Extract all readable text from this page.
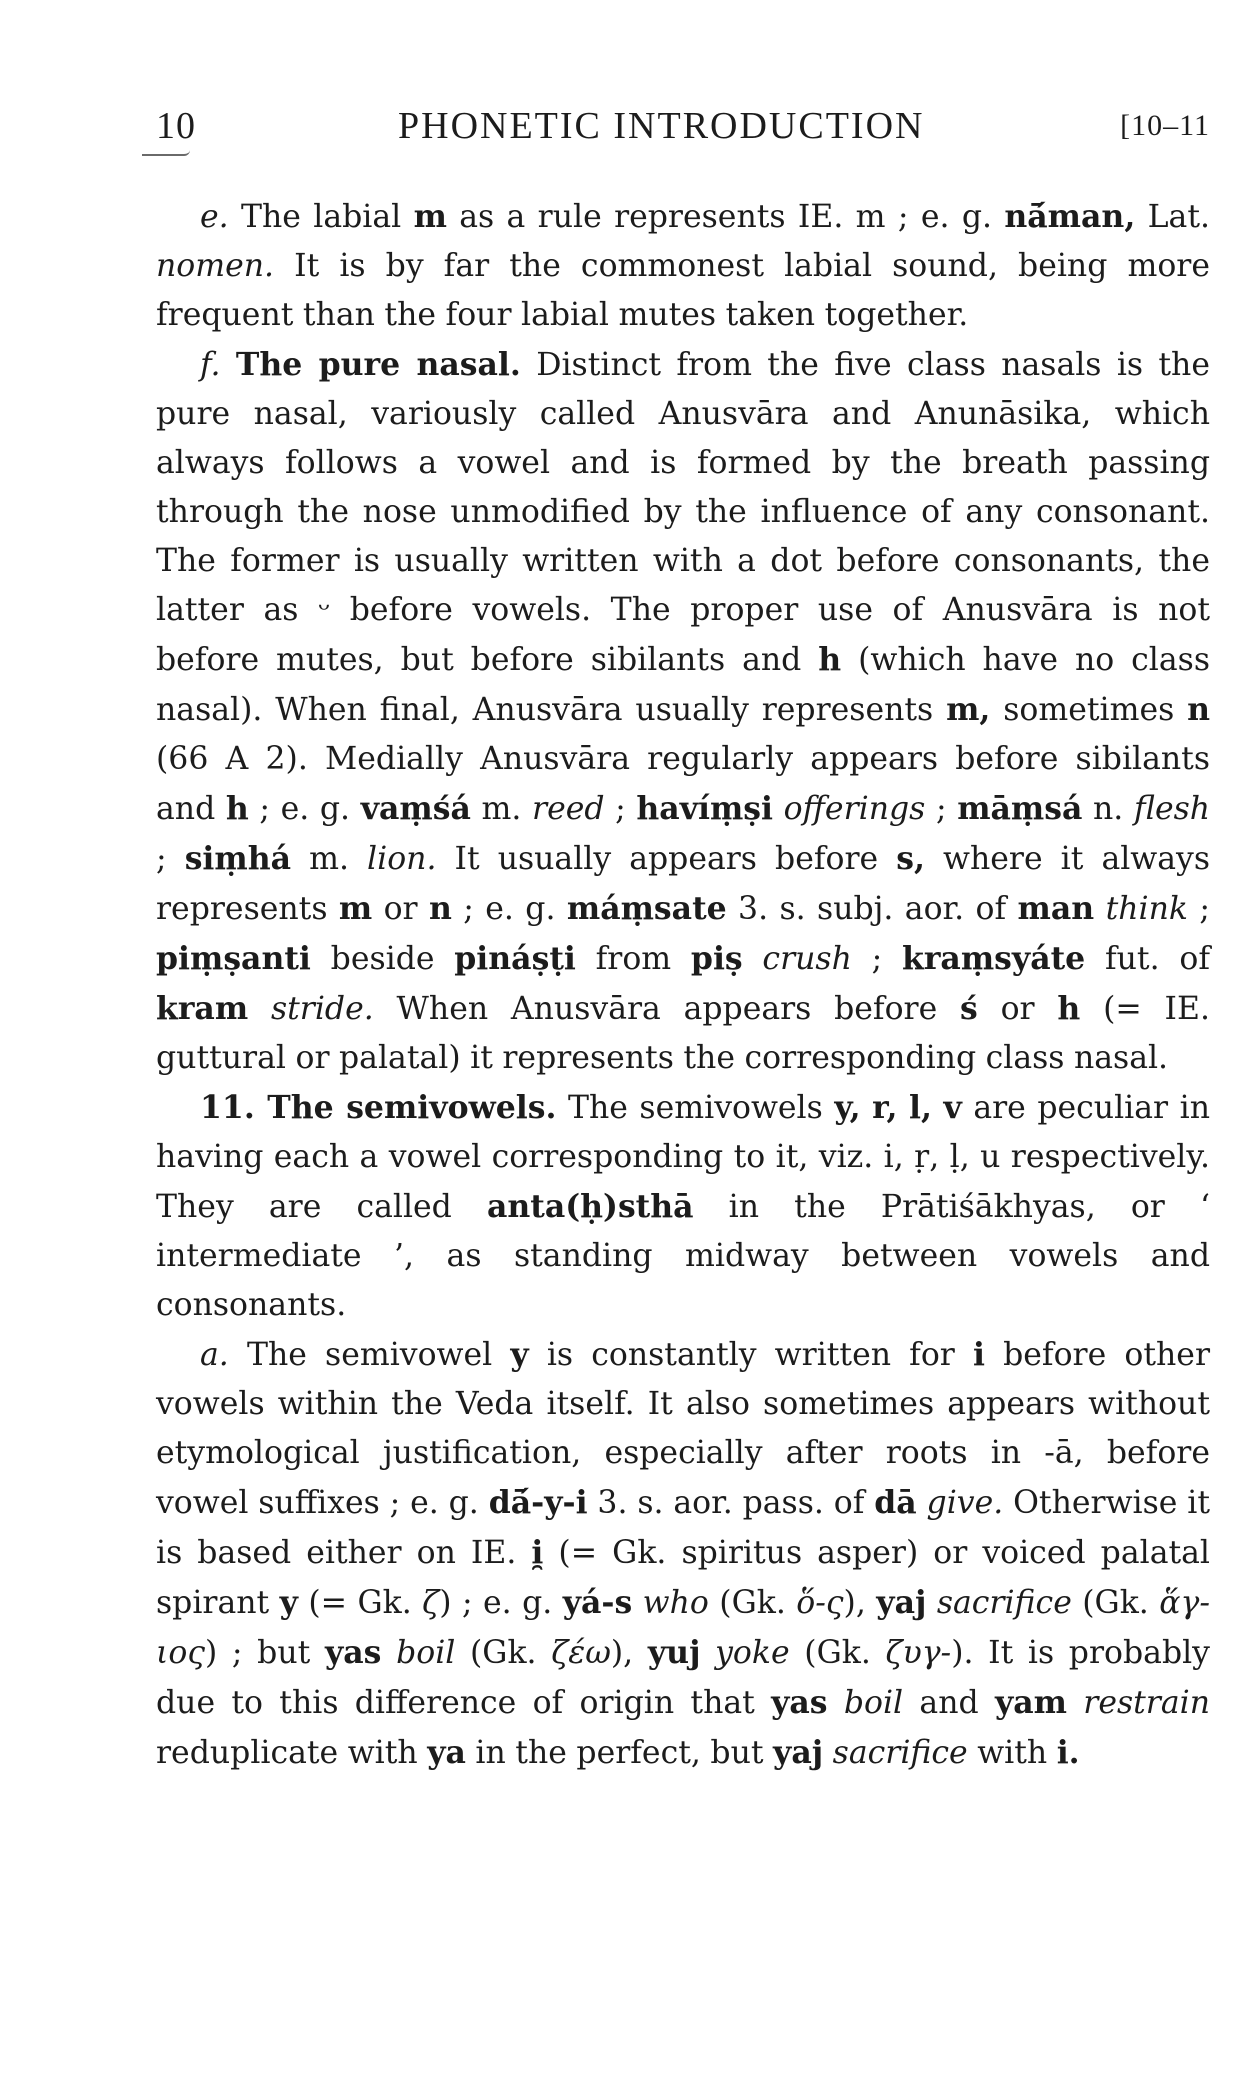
10	PHONETIC INTRODUCTION	[10–11

e. The labial m as a rule represents IE. m ; e. g. nā́man, Lat. nomen. It is by far the commonest labial sound, being more frequent than the four labial mutes taken together.

f. The pure nasal. Distinct from the five class nasals is the pure nasal, variously called Anusvāra and Anunāsika, which always follows a vowel and is formed by the breath passing through the nose unmodified by the influence of any consonant. The former is usually written with a dot before consonants, the latter as ᵕ before vowels. The proper use of Anusvāra is not before mutes, but before sibilants and h (which have no class nasal). When final, Anusvāra usually represents m, sometimes n (66 A 2). Medially Anusvāra regularly appears before sibilants and h ; e. g. vaṃśá m. reed ; havíṃṣi offerings ; māṃsá n. flesh ; siṃhá m. lion. It usually appears before s, where it always represents m or n ; e. g. máṃsate 3. s. subj. aor. of man think ; piṃṣanti beside pináṣṭi from piṣ crush ; kraṃsyáte fut. of kram stride. When Anusvāra appears before ś or h (= IE. guttural or palatal) it represents the corresponding class nasal.

11. The semivowels. The semivowels y, r, l, v are peculiar in having each a vowel corresponding to it, viz. i, ṛ, ḷ, u respectively. They are called anta(ḥ)sthā in the Prātiśākhyas, or ‘ intermediate ’, as standing midway between vowels and consonants.

a. The semivowel y is constantly written for i before other vowels within the Veda itself. It also sometimes appears without etymological justification, especially after roots in -ā, before vowel suffixes ; e. g. dā́-y-i 3. s. aor. pass. of dā give. Otherwise it is based either on IE. i̯ (= Gk. spiritus asper) or voiced palatal spirant y (= Gk. ζ) ; e. g. yá-s who (Gk. ὅ-ς), yaj sacrifice (Gk. ἅγ-ιος) ; but yas boil (Gk. ζέω), yuj yoke (Gk. ζυγ-). It is probably due to this difference of origin that yas boil and yam restrain reduplicate with ya in the perfect, but yaj sacrifice with i.
